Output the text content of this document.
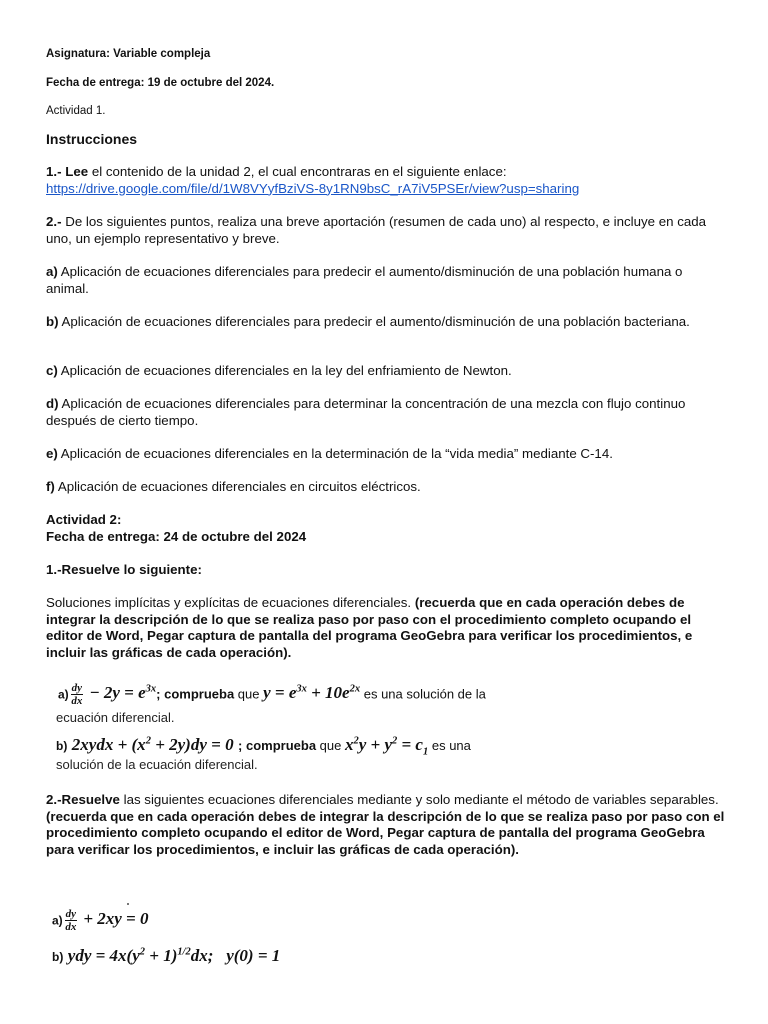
Asignatura: Variable compleja
Fecha de entrega: 19 de octubre del 2024.
Actividad 1.
Instrucciones
1.- Lee el contenido de la unidad 2, el cual encontraras en el siguiente enlace:
https://drive.google.com/file/d/1W8VYyfBziVS-8y1RN9bsC_rA7iV5PSEr/view?usp=sharing
2.- De los siguientes puntos, realiza una breve aportación (resumen de cada uno) al respecto, e incluye en cada uno, un ejemplo representativo y breve.
a) Aplicación de ecuaciones diferenciales para predecir el aumento/disminución de una población humana o animal.
b) Aplicación de ecuaciones diferenciales para predecir el aumento/disminución de una población bacteriana.
c) Aplicación de ecuaciones diferenciales en la ley del enfriamiento de Newton.
d) Aplicación de ecuaciones diferenciales para determinar la concentración de una mezcla con flujo continuo después de cierto tiempo.
e) Aplicación de ecuaciones diferenciales en la determinación de la “vida media” mediante C-14.
f) Aplicación de ecuaciones diferenciales en circuitos eléctricos.
Actividad 2:
Fecha de entrega: 24 de octubre del 2024
1.-Resuelve lo siguiente:
Soluciones implícitas y explícitas de ecuaciones diferenciales. (recuerda que en cada operación debes de integrar la descripción de lo que se realiza paso por paso con el procedimiento completo ocupando el editor de Word, Pegar captura de pantalla del programa GeoGebra para verificar los procedimientos, e incluir las gráficas de cada operación).
$a) \frac{dy}{dx} - 2y = e^{3x}$; comprueba que $y = e^{3x} + 10e^{2x}$ es una solución de la
ecuación diferencial.
b) 2xydx + $(x^2 + 2y)dy = 0$ ; comprueba que $x^2y + y^2 = c_1$ es una
solución de la ecuación diferencial.
2.-Resuelve las siguientes ecuaciones diferenciales mediante y solo mediante el método de variables separables. (recuerda que en cada operación debes de integrar la descripción de lo que se realiza paso por paso con el procedimiento completo ocupando el editor de Word, Pegar captura de pantalla del programa GeoGebra para verificar los procedimientos, e incluir las gráficas de cada operación).
$a) \frac{dy}{dx} + 2xy = 0$
b) ydy = $4x(y^2 + 1)^{1/2}dx$;   y(0) = 1
